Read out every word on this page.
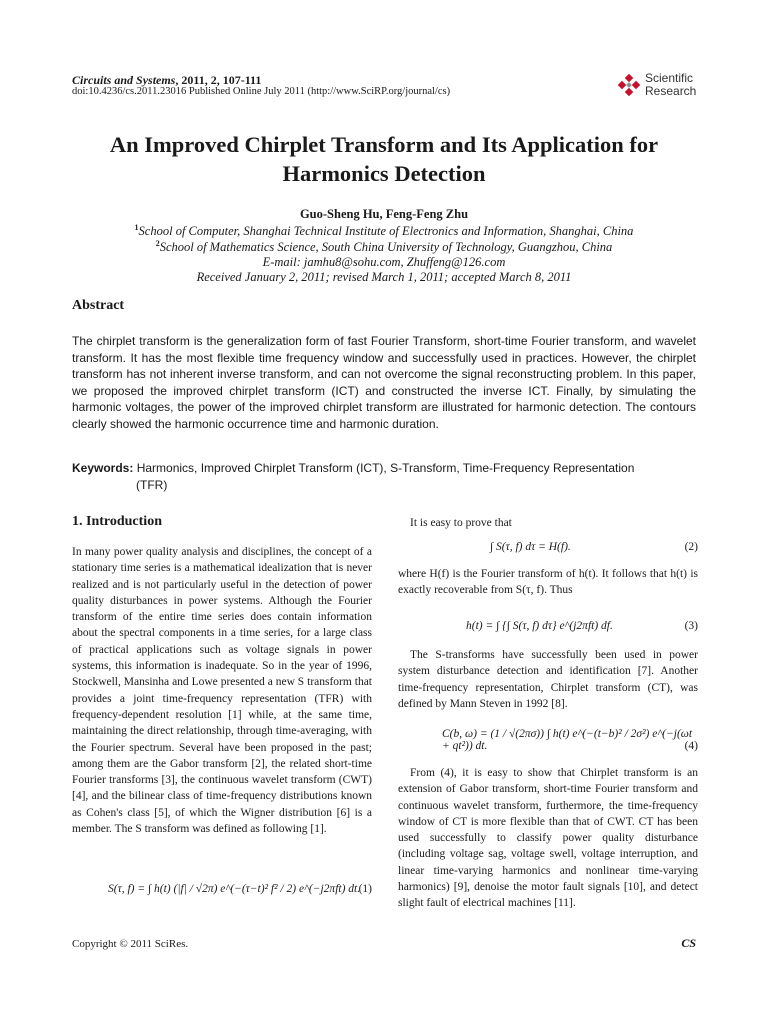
Circuits and Systems, 2011, 2, 107-111
doi:10.4236/cs.2011.23016 Published Online July 2011 (http://www.SciRP.org/journal/cs)
Scientific
Research
An Improved Chirplet Transform and Its Application for
Harmonics Detection
Guo-Sheng Hu, Feng-Feng Zhu
$^1$School of Computer, Shanghai Technical Institute of Electronics and Information, Shanghai, China
$^2$School of Mathematics Science, South China University of Technology, Guangzhou, China
E-mail: jamhu8@sohu.com, Zhuffeng@126.com
Received January 2, 2011; revised March 1, 2011; accepted March 8, 2011
Abstract
The chirplet transform is the generalization form of fast Fourier Transform, short-time Fourier transform, and wavelet transform. It has the most flexible time frequency window and successfully used in practices. However, the chirplet transform has not inherent inverse transform, and can not overcome the signal reconstructing problem. In this paper, we proposed the improved chirplet transform (ICT) and constructed the inverse ICT. Finally, by simulating the harmonic voltages, the power of the improved chirplet transform are illustrated for harmonic detection. The contours clearly showed the harmonic occurrence time and harmonic duration.
Keywords: Harmonics, Improved Chirplet Transform (ICT), S-Transform, Time-Frequency Representation
(TFR)
1. Introduction
In many power quality analysis and disciplines, the concept of a stationary time series is a mathematical idealization that is never realized and is not particularly useful in the detection of power quality disturbances in power systems. Although the Fourier transform of the entire time series does contain information about the spectral components in a time series, for a large class of practical applications such as voltage signals in power systems, this information is inadequate. So in the year of 1996, Stockwell, Mansinha and Lowe presented a new S transform that provides a joint time-frequency representation (TFR) with frequency-dependent resolution [1] while, at the same time, maintaining the direct relationship, through time-averaging, with the Fourier spectrum. Several have been proposed in the past; among them are the Gabor transform [2], the related short-time Fourier transforms [3], the continuous wavelet transform (CWT) [4], and the bilinear class of time-frequency distributions known as Cohen's class [5], of which the Wigner distribution [6] is a member. The S transform was defined as following [1].
S(τ, f) = ∫ h(t) (|f| / √2π) e^(−(τ−t)² f² / 2) e^(−j2πft) dt.
(1)
It is easy to prove that
∫ S(τ, f) dτ = H(f).	(2)
where H(f) is the Fourier transform of h(t). It follows that h(t) is exactly recoverable from S(τ, f). Thus
h(t) = ∫ {∫ S(τ, f) dτ} e^(j2πft) df.	(3)
The S-transforms have successfully been used in power system disturbance detection and identification [7]. Another time-frequency representation, Chirplet transform (CT), was defined by Mann Steven in 1992 [8].
C(b, ω) = (1 / √(2πσ)) ∫ h(t) e^(−(t−b)² / 2σ²) e^(−j(ωt + qt²)) dt.	(4)
From (4), it is easy to show that Chirplet transform is an extension of Gabor transform, short-time Fourier transform and continuous wavelet transform, furthermore, the time-frequency window of CT is more flexible than that of CWT. CT has been used successfully to classify power quality disturbance (including voltage sag, voltage swell, voltage interruption, and linear time-varying harmonics and nonlinear time-varying harmonics) [9], denoise the motor fault signals [10], and detect slight fault of electrical machines [11].
Copyright © 2011 SciRes.	CS
